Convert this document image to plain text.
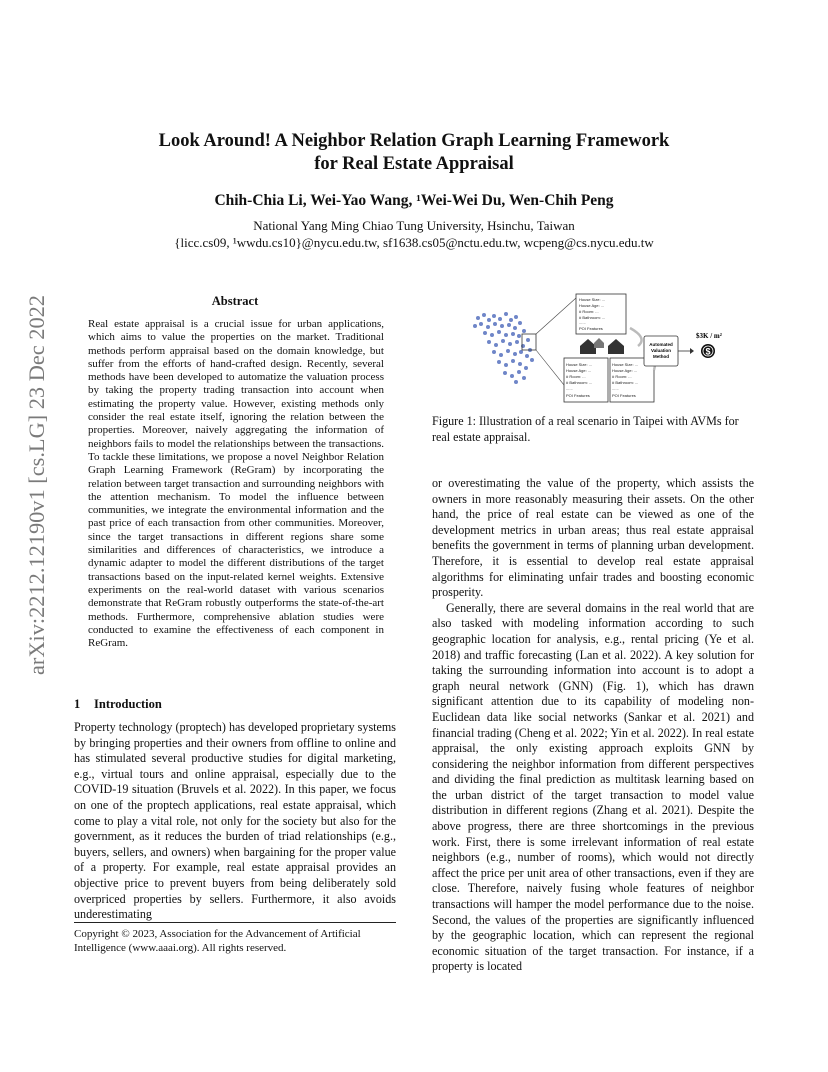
arXiv:2212.12190v1 [cs.LG] 23 Dec 2022
Look Around! A Neighbor Relation Graph Learning Framework
for Real Estate Appraisal
Chih-Chia Li, Wei-Yao Wang, ¹Wei-Wei Du, Wen-Chih Peng
National Yang Ming Chiao Tung University, Hsinchu, Taiwan
{licc.cs09, ¹wwdu.cs10}@nycu.edu.tw, sf1638.cs05@nctu.edu.tw, wcpeng@cs.nycu.edu.tw
Abstract
Real estate appraisal is a crucial issue for urban applications, which aims to value the properties on the market. Traditional methods perform appraisal based on the domain knowledge, but suffer from the efforts of hand-crafted design. Recently, several methods have been developed to automatize the valuation process by taking the property trading transaction into account when estimating the property value. However, existing methods only consider the real estate itself, ignoring the relation between the properties. Moreover, naively aggregating the information of neighbors fails to model the relationships between the transactions. To tackle these limitations, we propose a novel Neighbor Relation Graph Learning Framework (ReGram) by incorporating the relation between target transaction and surrounding neighbors with the attention mechanism. To model the influence between communities, we integrate the environmental information and the past price of each transaction from other communities. Moreover, since the target transactions in different regions share some similarities and differences of characteristics, we introduce a dynamic adapter to model the different distributions of the target transactions based on the input-related kernel weights. Extensive experiments on the real-world dataset with various scenarios demonstrate that ReGram robustly outperforms the state-of-the-art methods. Furthermore, comprehensive ablation studies were conducted to examine the effectiveness of each component in ReGram.
1 Introduction
Property technology (proptech) has developed proprietary systems by bringing properties and their owners from offline to online and has stimulated several productive studies for digital marketing, e.g., virtual tours and online appraisal, especially due to the COVID-19 situation (Bruvels et al. 2022). In this paper, we focus on one of the proptech applications, real estate appraisal, which come to play a vital role, not only for the society but also for the government, as it reduces the burden of triad relationships (e.g., buyers, sellers, and owners) when bargaining for the proper value of a property. For example, real estate appraisal provides an objective price to prevent buyers from being deliberately sold overpriced properties by sellers. Furthermore, it also avoids underestimating
Copyright © 2023, Association for the Advancement of Artificial Intelligence (www.aaai.org). All rights reserved.
House Size: ...
House Age: ...
# Room: ...
# Bathroom: ...
......
POI Features
House Size: ...
House Age: ...
# Room: ...
# Bathroom: ...
......
POI Features
House Size: ...
House Age: ...
# Room: ...
# Bathroom: ...
......
POI Features
Automated
Valuation
Method
$3K / m²
$
Figure 1: Illustration of a real scenario in Taipei with AVMs for real estate appraisal.

or overestimating the value of the property, which assists the owners in more reasonably measuring their assets. On the other hand, the price of real estate can be viewed as one of the development metrics in urban areas; thus real estate appraisal benefits the government in terms of planning urban development. Therefore, it is essential to develop real estate appraisal algorithms for eliminating unfair trades and boosting economic prosperity.

Generally, there are several domains in the real world that are also tasked with modeling information according to such geographic location for analysis, e.g., rental pricing (Ye et al. 2018) and traffic forecasting (Lan et al. 2022). A key solution for taking the surrounding information into account is to adopt a graph neural network (GNN) (Fig. 1), which has drawn significant attention due to its capability of modeling non-Euclidean data like social networks (Sankar et al. 2021) and financial trading (Cheng et al. 2022; Yin et al. 2022). In real estate appraisal, the only existing approach exploits GNN by considering the neighbor information from different perspectives and dividing the final prediction as multitask learning based on the urban district of the target transaction to model value distribution in different regions (Zhang et al. 2021). Despite the above progress, there are three shortcomings in the previous work. First, there is some irrelevant information of real estate neighbors (e.g., number of rooms), which would not directly affect the price per unit area of other transactions, even if they are close. Therefore, naively fusing whole features of neighbor transactions will hamper the model performance due to the noise. Second, the values of the properties are significantly influenced by the geographic location, which can represent the regional economic situation of the target transaction. For instance, if a property is located
